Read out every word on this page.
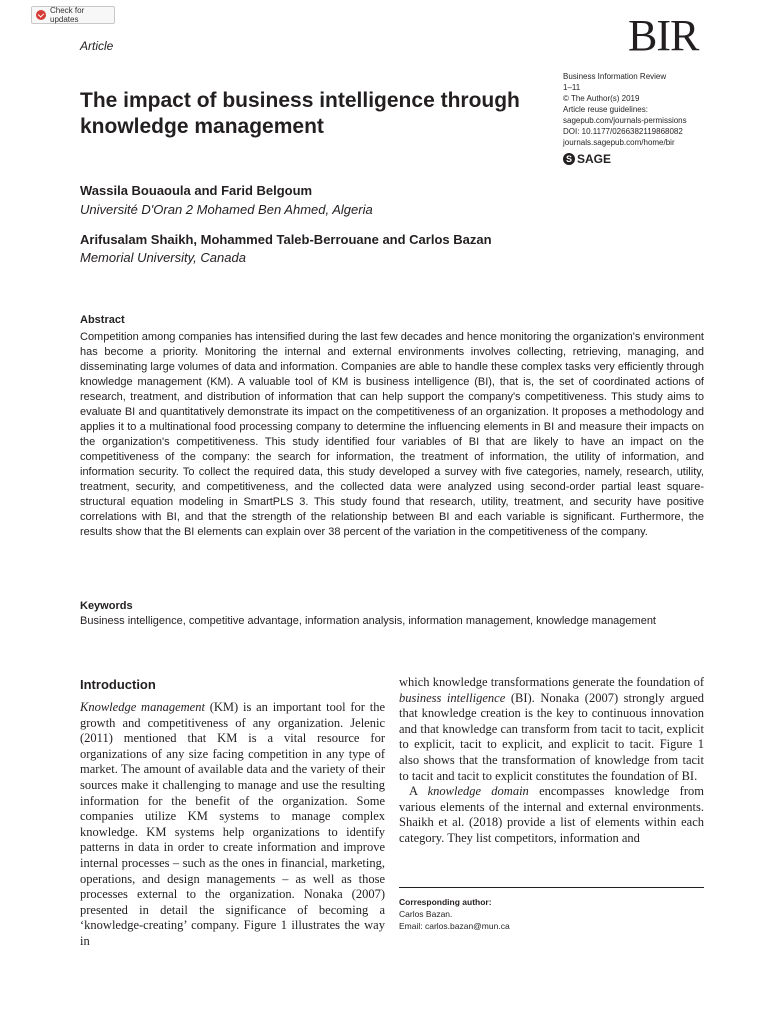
Check for updates
Article	BIR
Business Information Review
1–11
© The Author(s) 2019
Article reuse guidelines:
sagepub.com/journals-permissions
DOI: 10.1177/0266382119868082
journals.sagepub.com/home/bir
S SAGE
The impact of business intelligence through knowledge management

Wassila Bouaoula and Farid Belgoum

Université D'Oran 2 Mohamed Ben Ahmed, Algeria

Arifusalam Shaikh, Mohammed Taleb-Berrouane and Carlos Bazan

Memorial University, Canada

Abstract

Competition among companies has intensified during the last few decades and hence monitoring the organization's environment has become a priority. Monitoring the internal and external environments involves collecting, retrieving, managing, and disseminating large volumes of data and information. Companies are able to handle these complex tasks very efficiently through knowledge management (KM). A valuable tool of KM is business intelligence (BI), that is, the set of coordinated actions of research, treatment, and distribution of information that can help support the company's competitiveness. This study aims to evaluate BI and quantitatively demonstrate its impact on the competitiveness of an organization. It proposes a methodology and applies it to a multinational food processing company to determine the influencing elements in BI and measure their impacts on the organization's competitiveness. This study identified four variables of BI that are likely to have an impact on the competitiveness of the company: the search for information, the treatment of information, the utility of information, and information security. To collect the required data, this study developed a survey with five categories, namely, research, utility, treatment, security, and competitiveness, and the collected data were analyzed using second-order partial least square-structural equation modeling in SmartPLS 3. This study found that research, utility, treatment, and security have positive correlations with BI, and that the strength of the relationship between BI and each variable is significant. Furthermore, the results show that the BI elements can explain over 38 percent of the variation in the competitiveness of the company.

Keywords
Business intelligence, competitive advantage, information analysis, information management, knowledge management
Introduction

Knowledge management (KM) is an important tool for the growth and competitiveness of any organization. Jelenic (2011) mentioned that KM is a vital resource for organizations of any size facing competition in any type of market. The amount of available data and the variety of their sources make it challenging to manage and use the resulting information for the benefit of the organization. Some companies utilize KM systems to manage complex knowledge. KM systems help organizations to identify patterns in data in order to create information and improve internal processes – such as the ones in financial, marketing, operations, and design managements – as well as those processes external to the organization. Nonaka (2007) presented in detail the significance of becoming a ‘knowledge-creating’ company. Figure 1 illustrates the way in

which knowledge transformations generate the foundation of business intelligence (BI). Nonaka (2007) strongly argued that knowledge creation is the key to continuous innovation and that knowledge can transform from tacit to tacit, explicit to explicit, tacit to explicit, and explicit to tacit. Figure 1 also shows that the transformation of knowledge from tacit to tacit and tacit to explicit constitutes the foundation of BI.

A knowledge domain encompasses knowledge from various elements of the internal and external environments. Shaikh et al. (2018) provide a list of elements within each category. They list competitors, information and

Corresponding author:
Carlos Bazan.
Email: carlos.bazan@mun.ca
